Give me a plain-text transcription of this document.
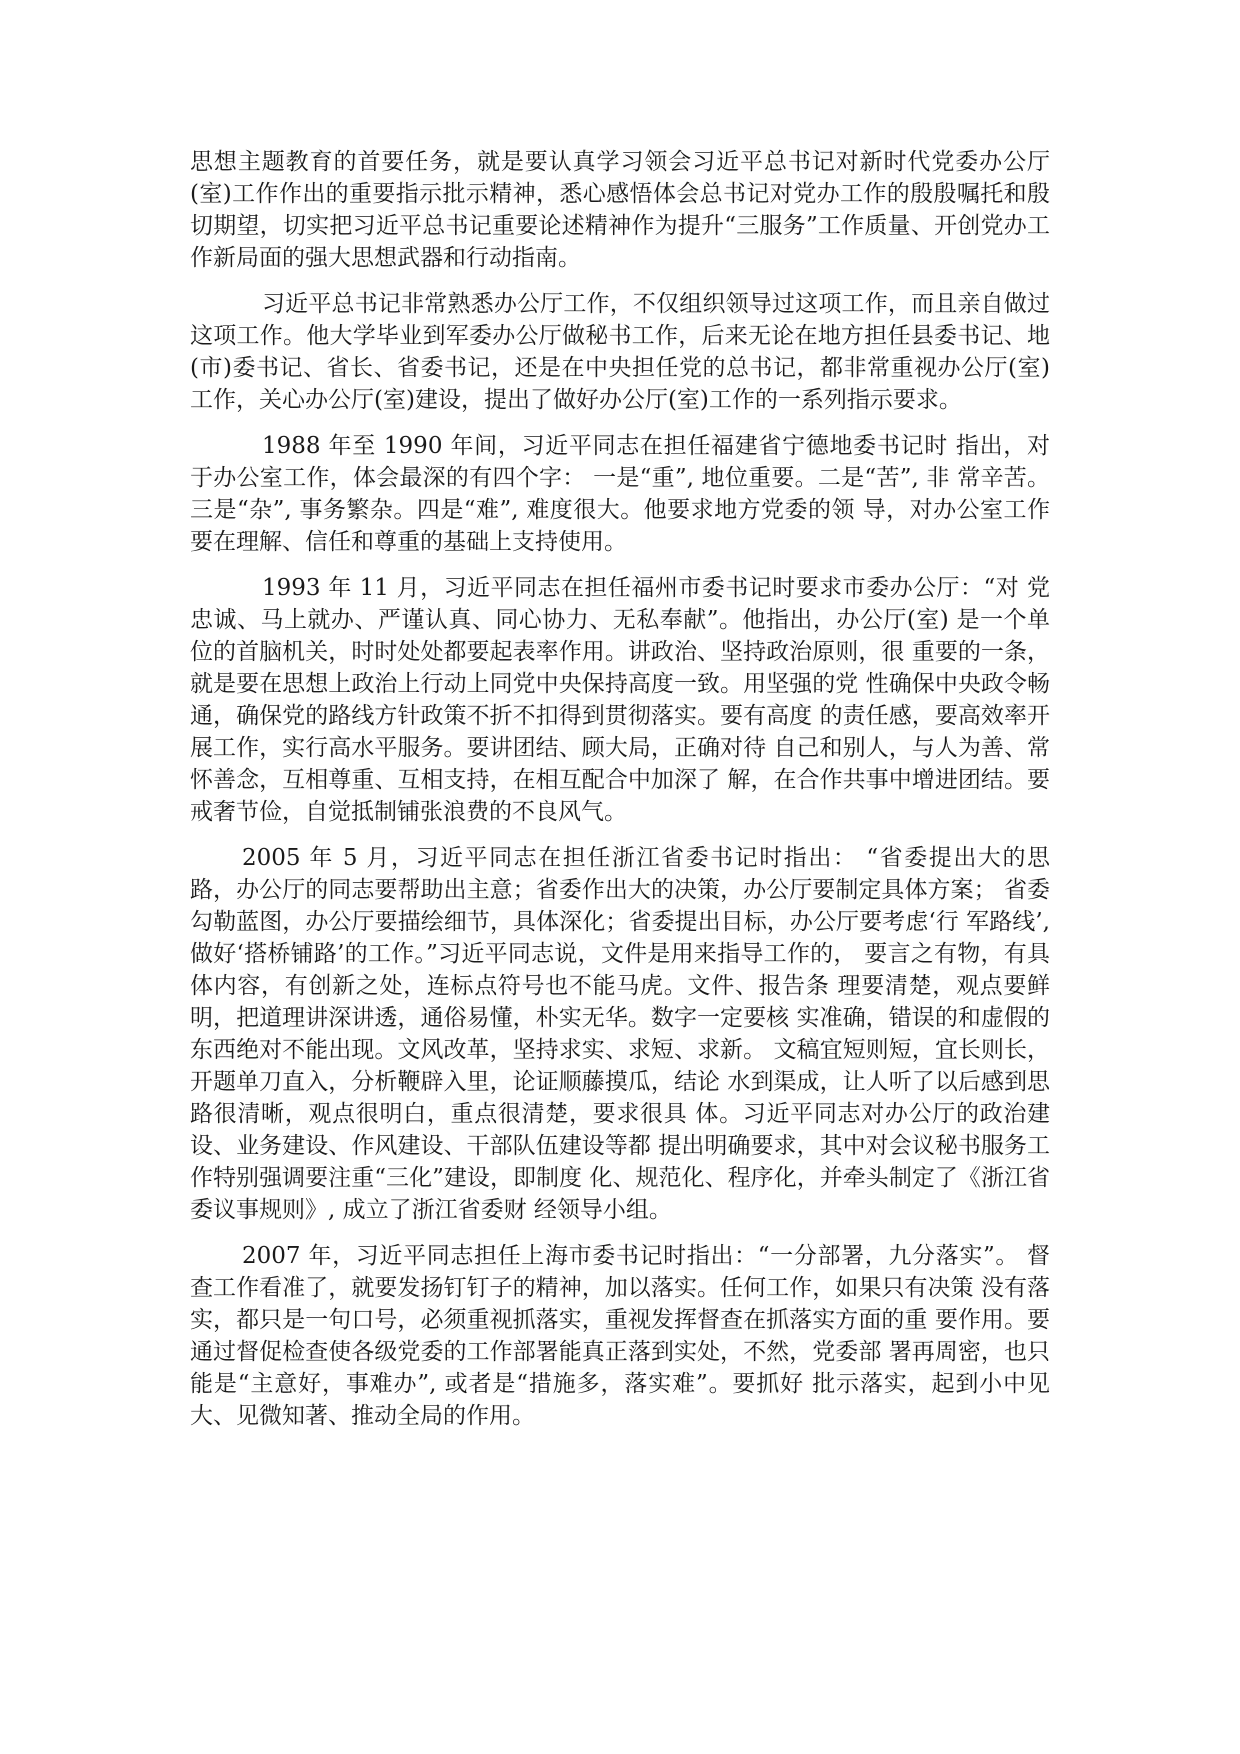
思想主题教育的首要任务，就是要认真学习领会习近平总书记对新时代党委办公厅(室)工作作出的重要指示批示精神，悉心感悟体会总书记对党办工作的殷殷嘱托和殷切期望，切实把习近平总书记重要论述精神作为提升“三服务”工作质量、开创党办工作新局面的强大思想武器和行动指南。

习近平总书记非常熟悉办公厅工作，不仅组织领导过这项工作，而且亲自做过这项工作。他大学毕业到军委办公厅做秘书工作，后来无论在地方担任县委书记、地(市)委书记、省长、省委书记，还是在中央担任党的总书记，都非常重视办公厅(室)工作，关心办公厅(室)建设，提出了做好办公厅(室)工作的一系列指示要求。

1988 年至 1990 年间，习近平同志在担任福建省宁德地委书记时 指出，对 于办公室工作，体会最深的有四个字： 一是“重”, 地位重要。二是“苦”, 非 常辛苦。三是“杂”, 事务繁杂。四是“难”, 难度很大。他要求地方党委的领 导，对办公室工作要在理解、信任和尊重的基础上支持使用。

1993 年 11 月，习近平同志在担任福州市委书记时要求市委办公厅：“对 党忠诚、马上就办、严谨认真、同心协力、无私奉献”。他指出，办公厅(室) 是一个单位的首脑机关，时时处处都要起表率作用。讲政治、坚持政治原则，很 重要的一条，就是要在思想上政治上行动上同党中央保持高度一致。用坚强的党 性确保中央政令畅通，确保党的路线方针政策不折不扣得到贯彻落实。要有高度 的责任感，要高效率开展工作，实行高水平服务。要讲团结、顾大局，正确对待 自己和别人，与人为善、常怀善念，互相尊重、互相支持，在相互配合中加深了 解，在合作共事中增进团结。要戒奢节俭，自觉抵制铺张浪费的不良风气。

2005 年 5 月，习近平同志在担任浙江省委书记时指出： “省委提出大的思 路，办公厅的同志要帮助出主意；省委作出大的决策，办公厅要制定具体方案； 省委勾勒蓝图，办公厅要描绘细节，具体深化；省委提出目标，办公厅要考虑‘行 军路线’, 做好‘搭桥铺路’的工作。”习近平同志说，文件是用来指导工作的， 要言之有物，有具体内容，有创新之处，连标点符号也不能马虎。文件、报告条 理要清楚，观点要鲜明，把道理讲深讲透，通俗易懂，朴实无华。数字一定要核 实准确，错误的和虚假的东西绝对不能出现。文风改革，坚持求实、求短、求新。 文稿宜短则短，宜长则长，开题单刀直入，分析鞭辟入里，论证顺藤摸瓜，结论 水到渠成，让人听了以后感到思路很清晰，观点很明白，重点很清楚，要求很具 体。习近平同志对办公厅的政治建设、业务建设、作风建设、干部队伍建设等都 提出明确要求，其中对会议秘书服务工作特别强调要注重“三化”建设，即制度 化、规范化、程序化，并牵头制定了《浙江省委议事规则》, 成立了浙江省委财 经领导小组。

2007 年，习近平同志担任上海市委书记时指出：“一分部署，九分落实”。 督查工作看准了，就要发扬钉钉子的精神，加以落实。任何工作，如果只有决策 没有落实，都只是一句口号，必须重视抓落实，重视发挥督查在抓落实方面的重 要作用。要通过督促检查使各级党委的工作部署能真正落到实处，不然，党委部 署再周密，也只能是“主意好，事难办”, 或者是“措施多，落实难”。要抓好 批示落实，起到小中见大、见微知著、推动全局的作用。
